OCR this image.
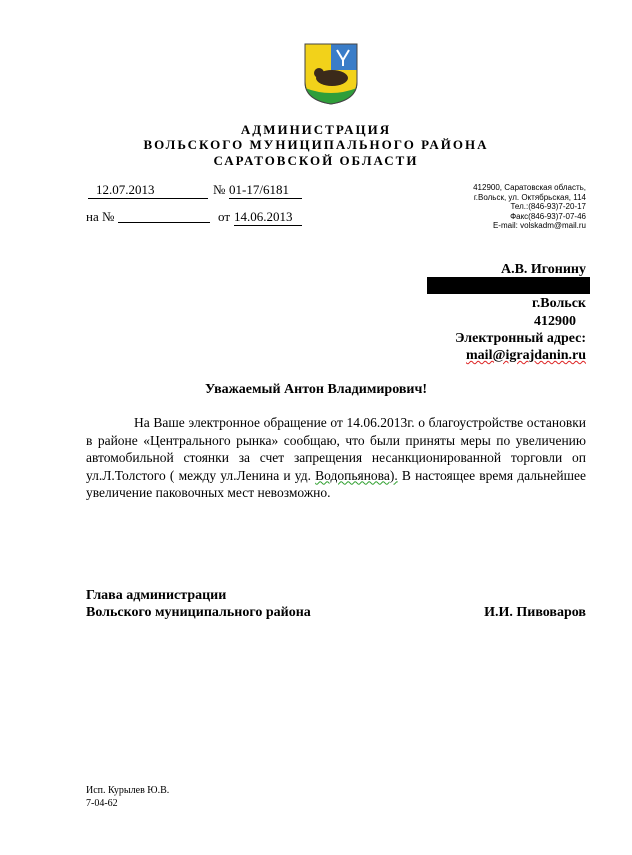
АДМИНИСТРАЦИЯ
ВОЛЬСКОГО МУНИЦИПАЛЬНОГО РАЙОНА
САРАТОВСКОЙ ОБЛАСТИ
12.07.2013	№ 01-17/6181
на №	от 14.06.2013
412900, Саратовская область,
г.Вольск, ул. Октябрьская, 114
Тел.:(846-93)7-20-17
Факс(846-93)7-07-46
E-mail: volskadm@mail.ru
А.В. Игонину
г.Вольск
412900
Электронный адрес:
mail@igrajdanin.ru
Уважаемый Антон Владимирович!

На Ваше электронное обращение от 14.06.2013г. о благоустройстве остановки в районе «Центрального рынка» сообщаю, что были приняты меры по увеличению автомобильной стоянки за счет запрещения несанкционированной торговли оп ул.Л.Толстого ( между ул.Ленина и уд. Водопьянова). В настоящее время дальнейшее увеличение паковочных мест невозможно.

Глава администрации
Вольского муниципального района	И.И. Пивоваров
Исп. Курылев Ю.В.
7-04-62
